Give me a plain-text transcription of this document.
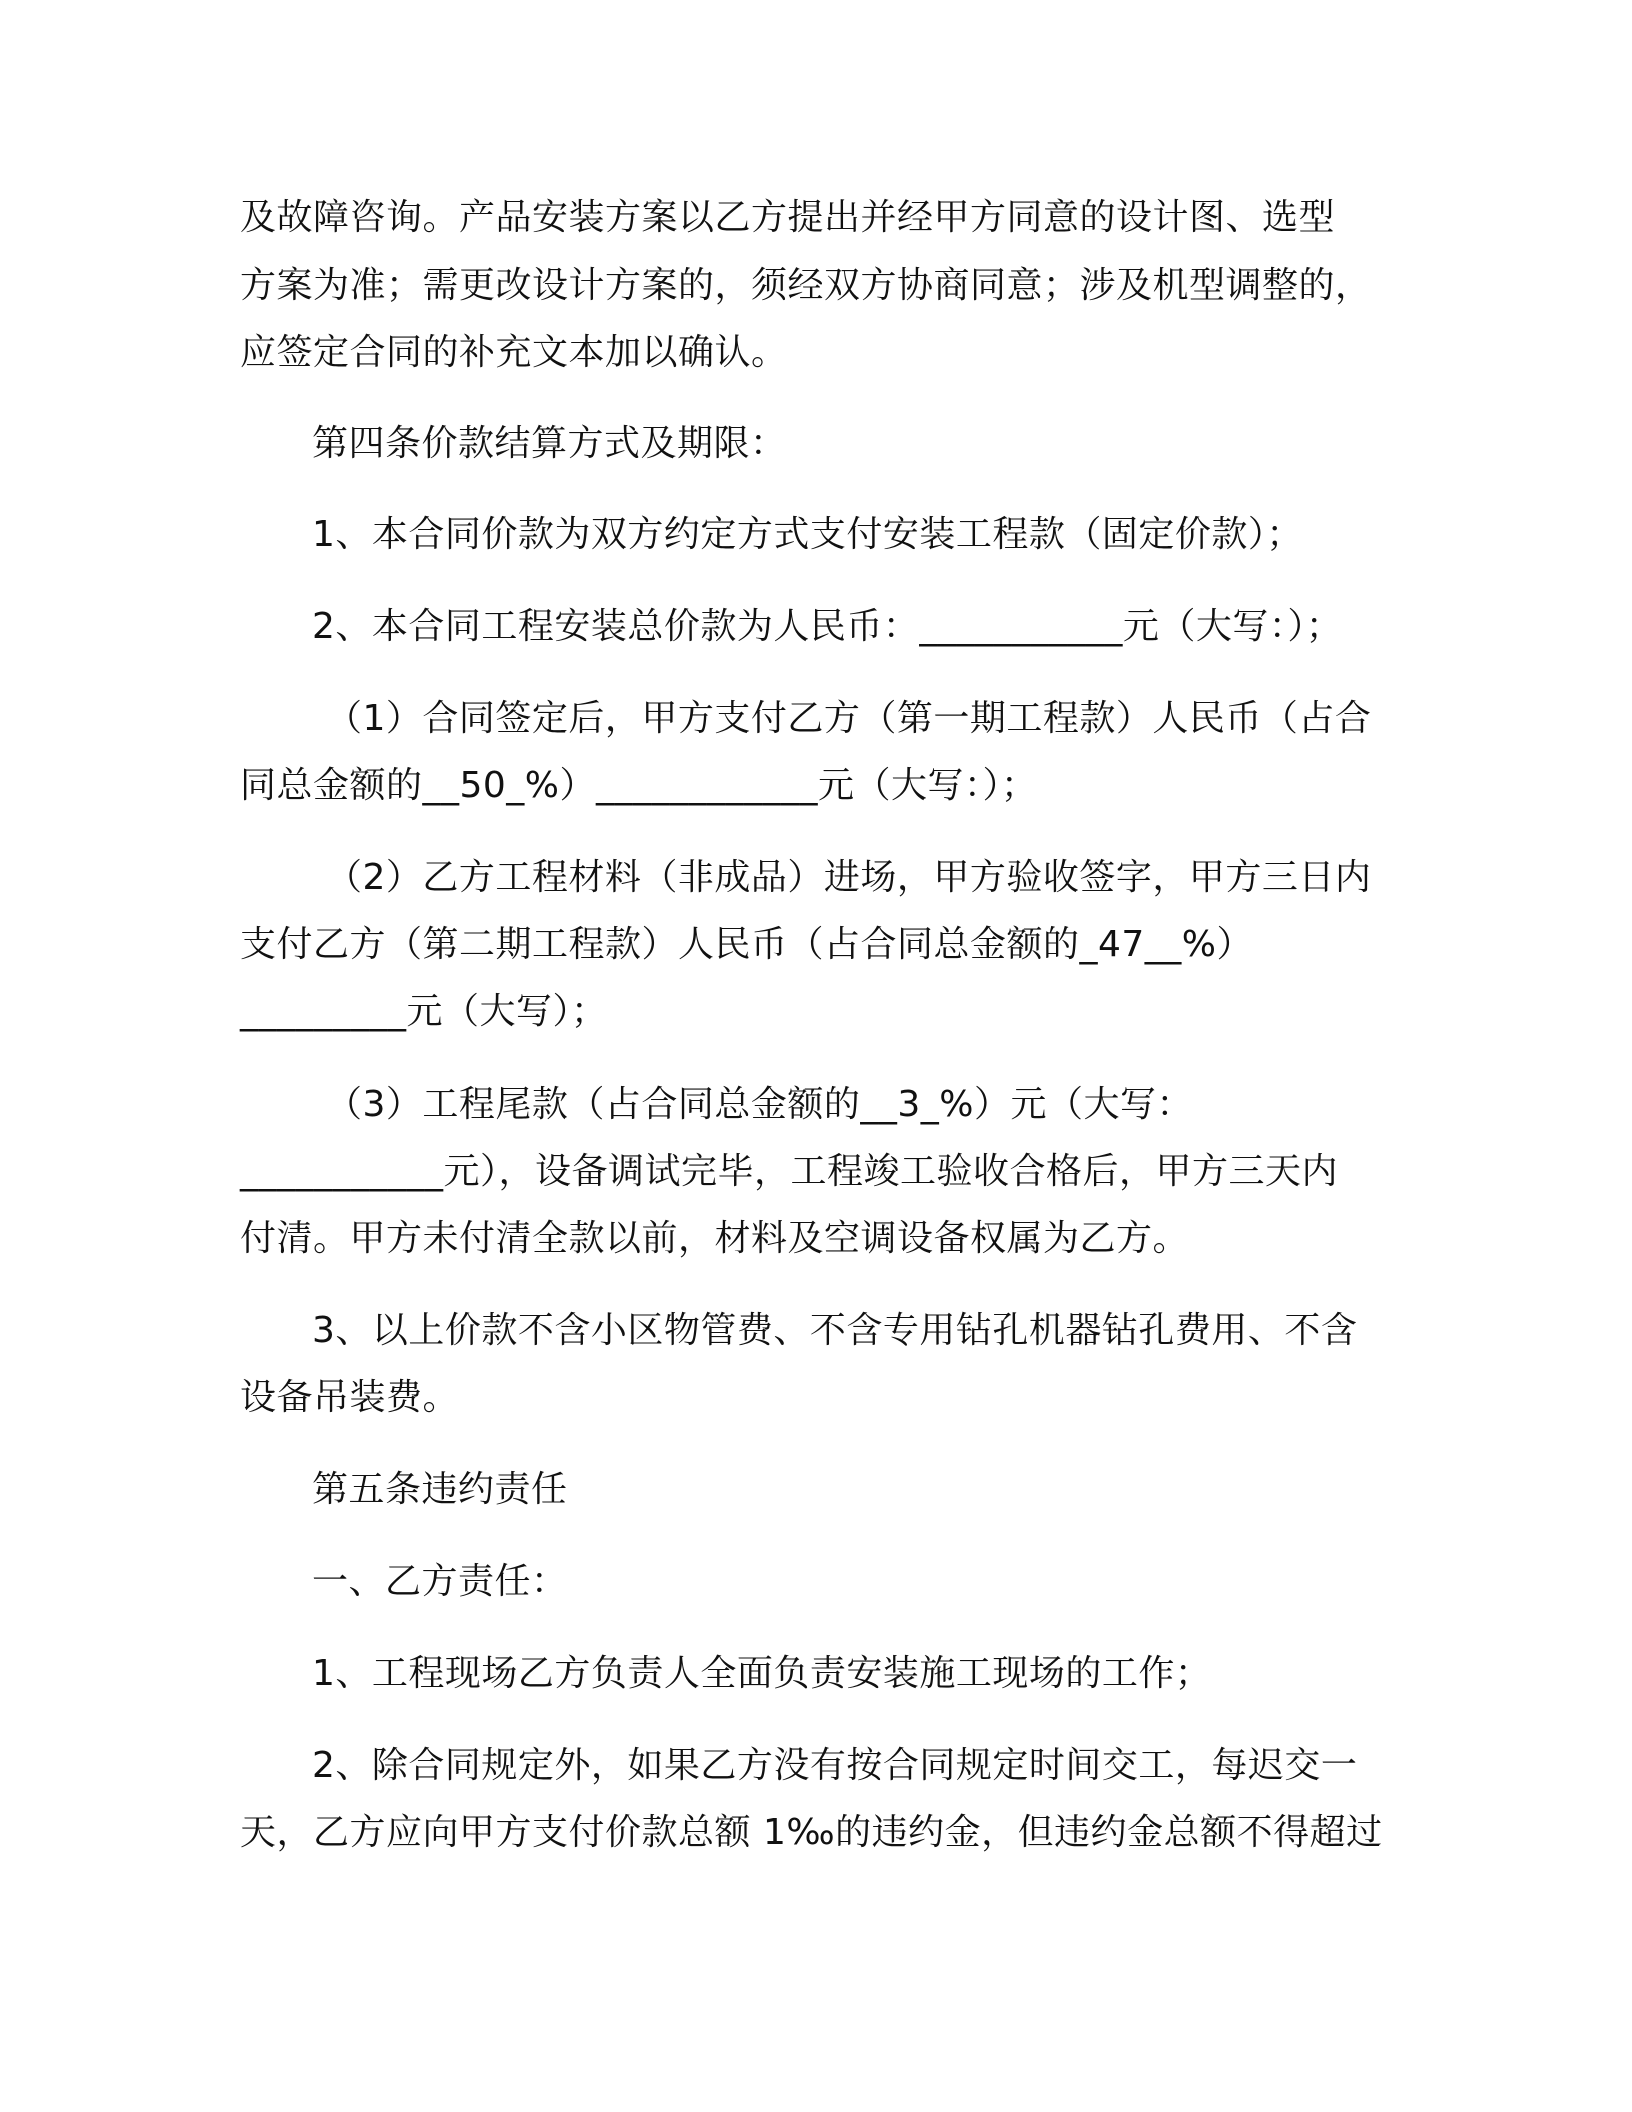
及故障咨询。产品安装方案以乙方提出并经甲方同意的设计图、选型
方案为准；需更改设计方案的，须经双方协商同意；涉及机型调整的，
应签定合同的补充文本加以确认。
第四条价款结算方式及期限：
1、本合同价款为双方约定方式支付安装工程款（固定价款）；
2、本合同工程安装总价款为人民币：___________元（大写：）；
（1）合同签定后，甲方支付乙方（第一期工程款）人民币（占合
同总金额的__50_%）____________元（大写：）；
（2）乙方工程材料（非成品）进场，甲方验收签字，甲方三日内
支付乙方（第二期工程款）人民币（占合同总金额的_47__%）
_________元（大写）；
（3）工程尾款（占合同总金额的__3_%）元（大写：
___________元），设备调试完毕，工程竣工验收合格后，甲方三天内
付清。甲方未付清全款以前，材料及空调设备权属为乙方。
3、以上价款不含小区物管费、不含专用钻孔机器钻孔费用、不含
设备吊装费。
第五条违约责任
一、乙方责任：
1、工程现场乙方负责人全面负责安装施工现场的工作；
2、除合同规定外，如果乙方没有按合同规定时间交工，每迟交一
天，乙方应向甲方支付价款总额 1‰的违约金，但违约金总额不得超过
